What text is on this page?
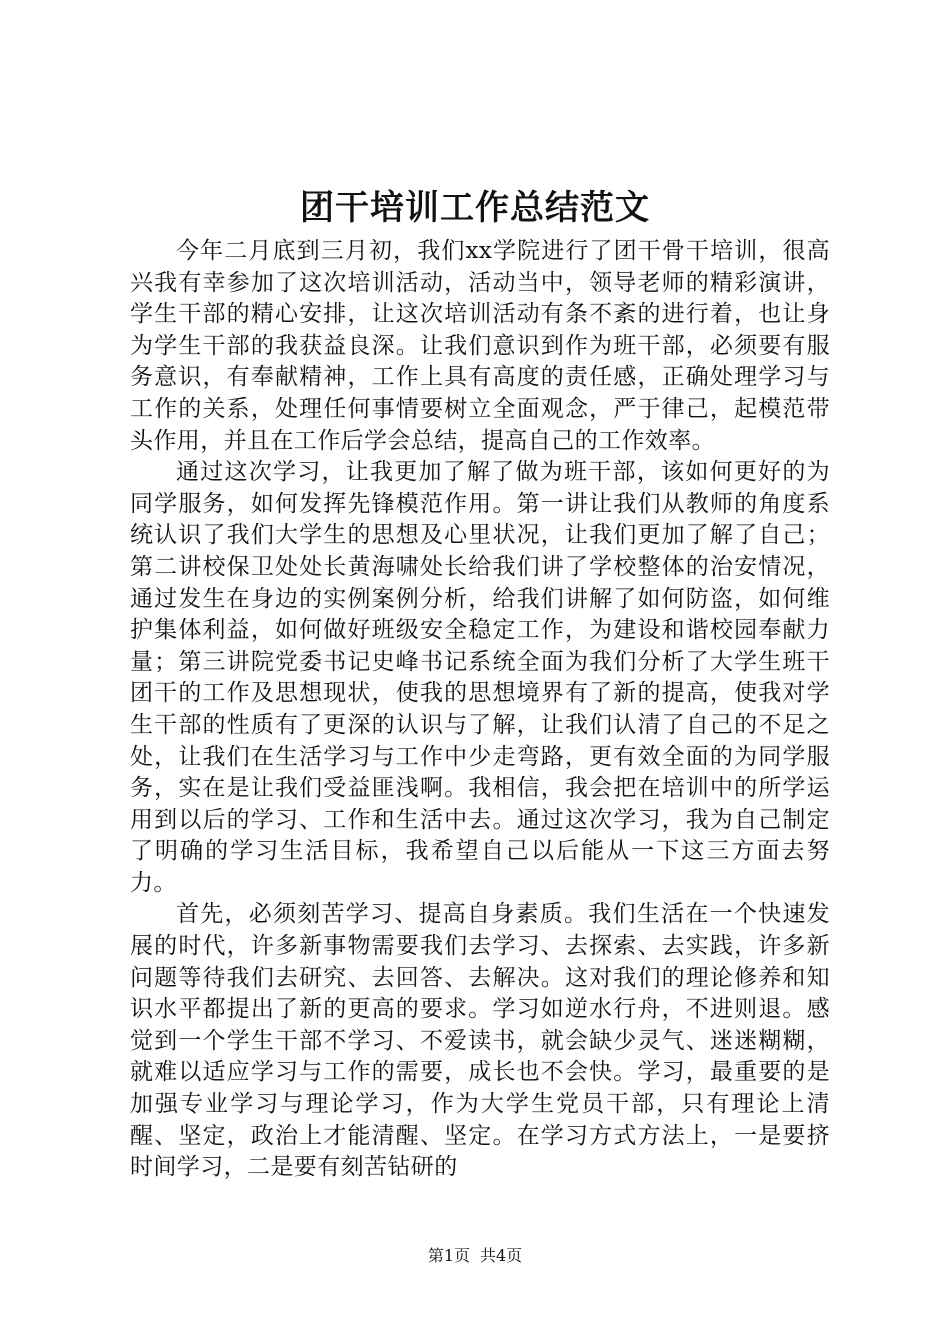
团干培训工作总结范文

今年二月底到三月初，我们xx学院进行了团干骨干培训，很高兴我有幸参加了这次培训活动，活动当中，领导老师的精彩演讲，学生干部的精心安排，让这次培训活动有条不紊的进行着，也让身为学生干部的我获益良深。让我们意识到作为班干部，必须要有服务意识，有奉献精神，工作上具有高度的责任感，正确处理学习与工作的关系，处理任何事情要树立全面观念，严于律己，起模范带头作用，并且在工作后学会总结，提高自己的工作效率。

通过这次学习，让我更加了解了做为班干部，该如何更好的为同学服务，如何发挥先锋模范作用。第一讲让我们从教师的角度系统认识了我们大学生的思想及心里状况，让我们更加了解了自己；第二讲校保卫处处长黄海啸处长给我们讲了学校整体的治安情况，通过发生在身边的实例案例分析，给我们讲解了如何防盗，如何维护集体利益，如何做好班级安全稳定工作，为建设和谐校园奉献力量；第三讲院党委书记史峰书记系统全面为我们分析了大学生班干团干的工作及思想现状，使我的思想境界有了新的提高，使我对学生干部的性质有了更深的认识与了解，让我们认清了自己的不足之处，让我们在生活学习与工作中少走弯路，更有效全面的为同学服务，实在是让我们受益匪浅啊。我相信，我会把在培训中的所学运用到以后的学习、工作和生活中去。通过这次学习，我为自己制定了明确的学习生活目标，我希望自己以后能从一下这三方面去努力。

首先，必须刻苦学习、提高自身素质。我们生活在一个快速发展的时代，许多新事物需要我们去学习、去探索、去实践，许多新问题等待我们去研究、去回答、去解决。这对我们的理论修养和知识水平都提出了新的更高的要求。学习如逆水行舟，不进则退。感觉到一个学生干部不学习、不爱读书，就会缺少灵气、迷迷糊糊，就难以适应学习与工作的需要，成长也不会快。学习，最重要的是加强专业学习与理论学习，作为大学生党员干部，只有理论上清醒、坚定，政治上才能清醒、坚定。在学习方式方法上，一是要挤时间学习，二是要有刻苦钻研的

第1页 共4页
